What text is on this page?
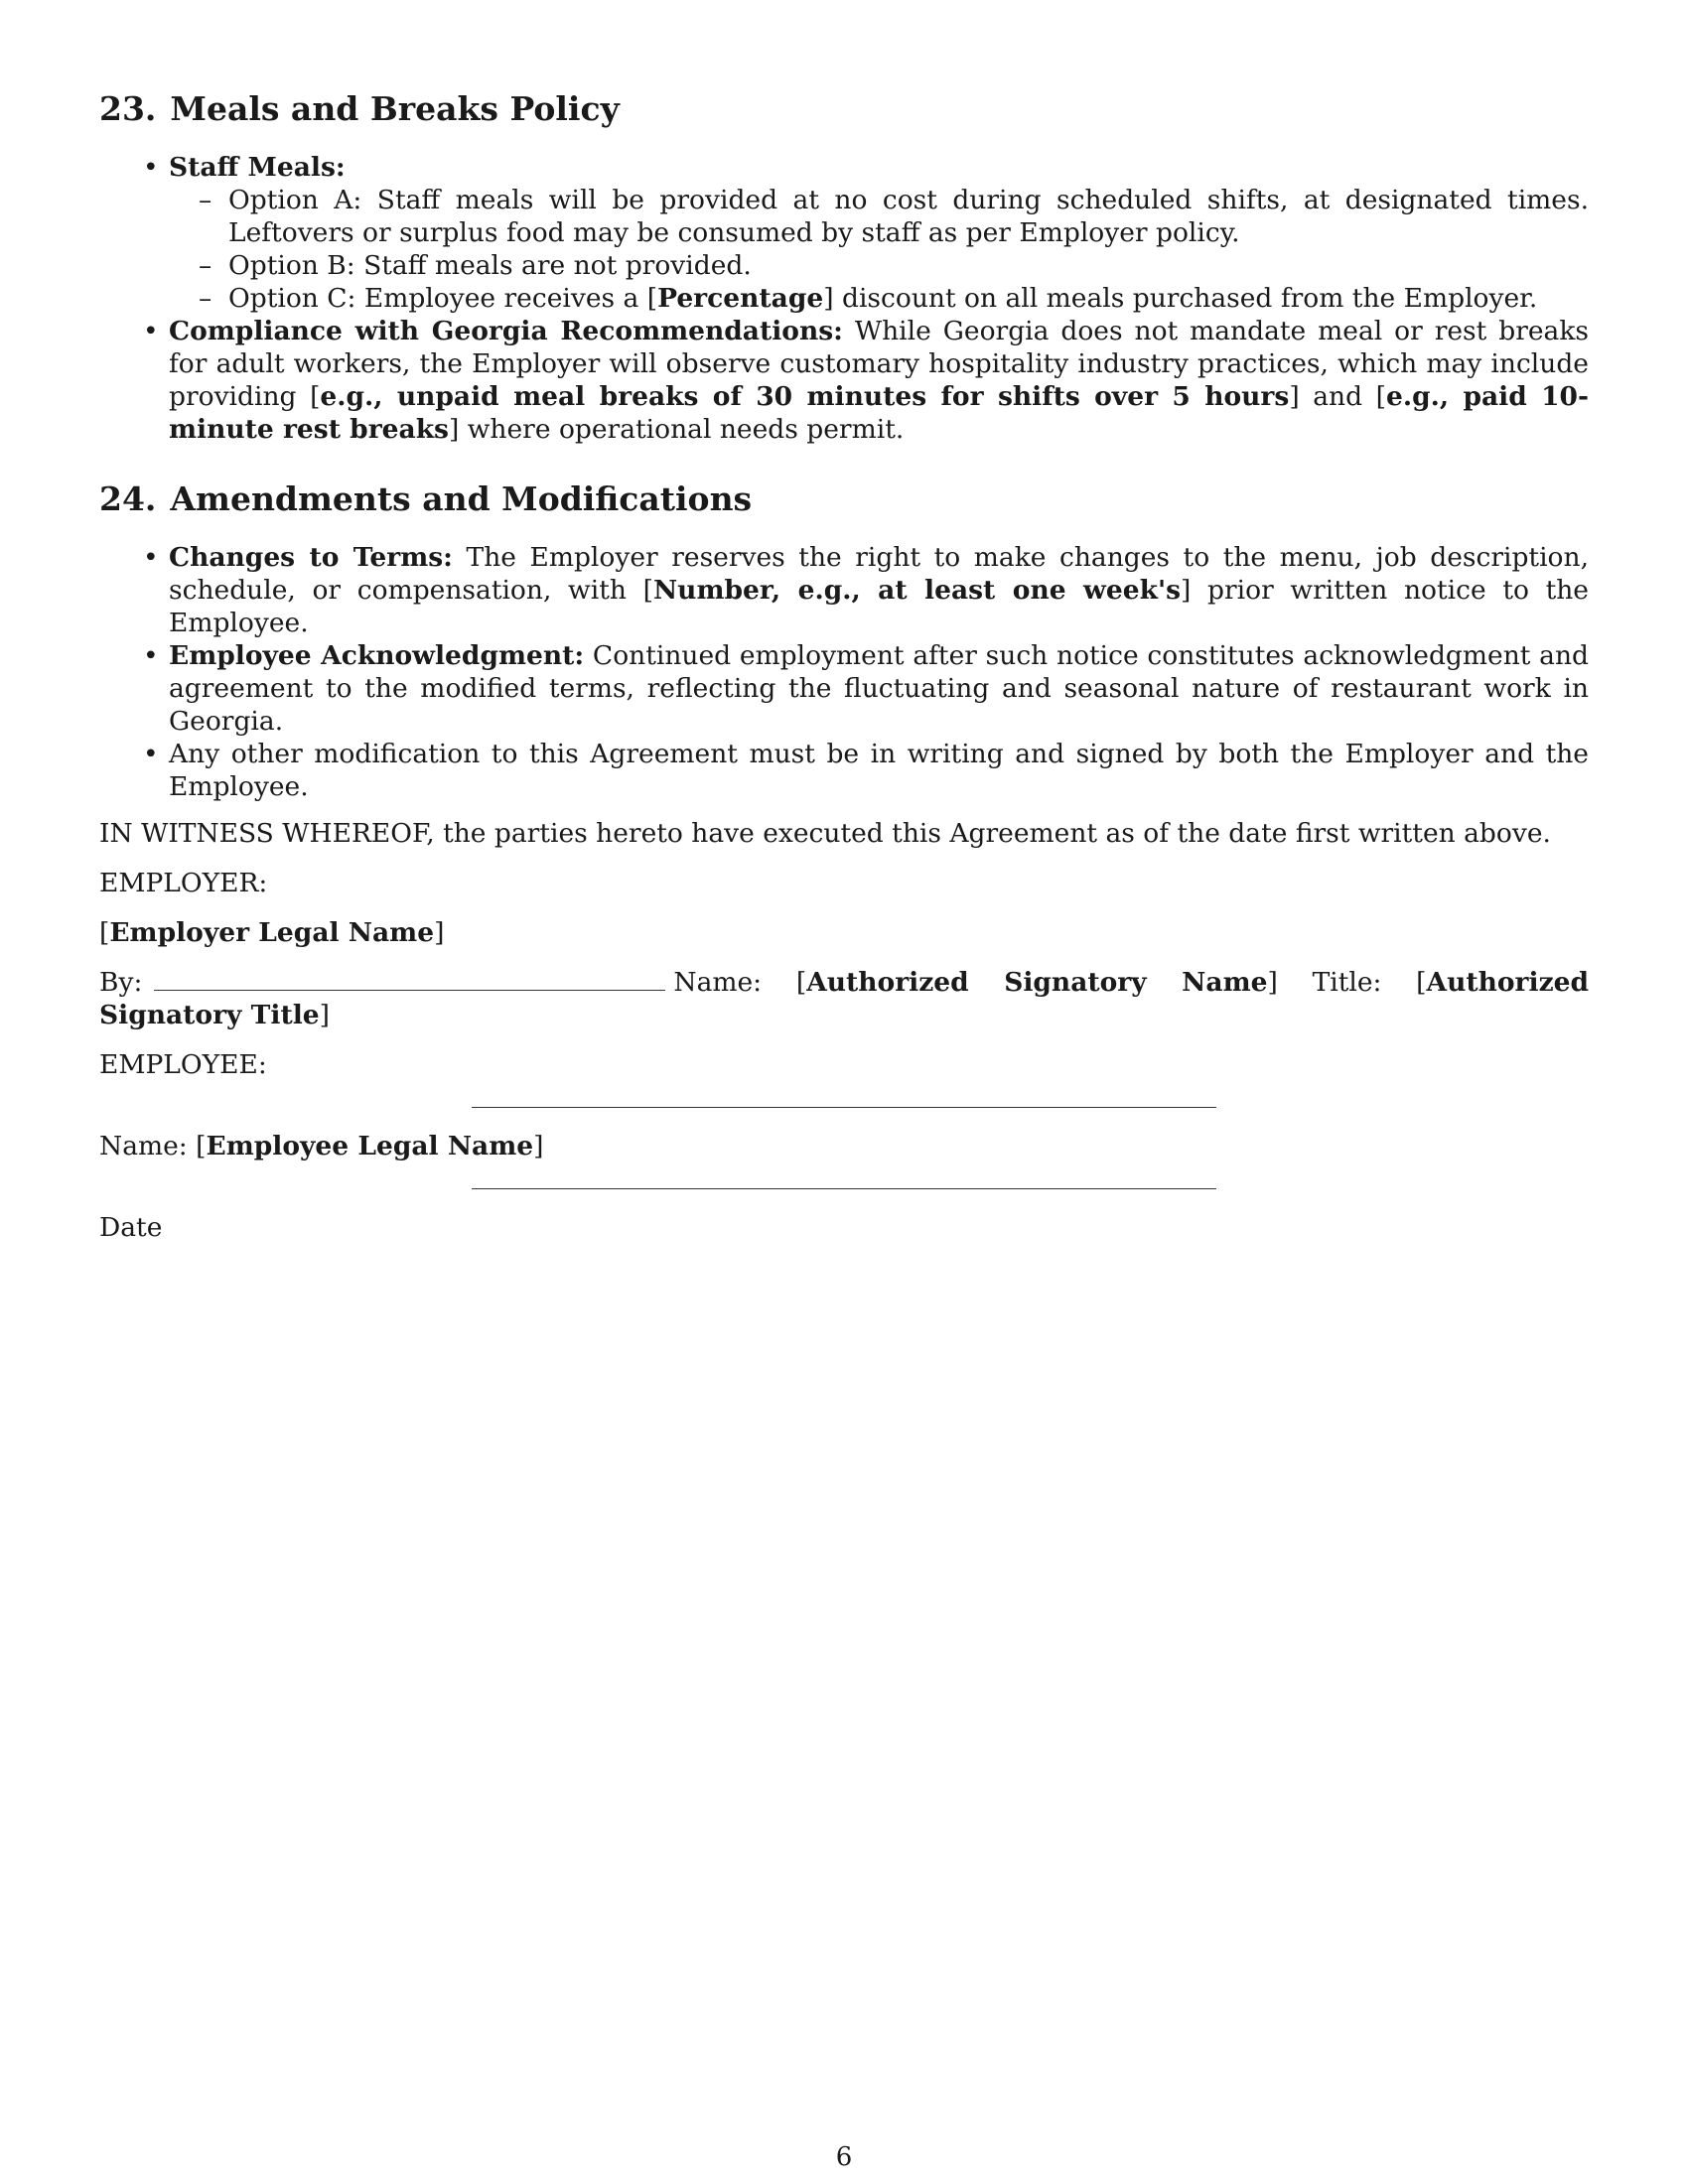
23. Meals and Breaks Policy
• Staff Meals:
– Option A: Staff meals will be provided at no cost during scheduled shifts, at designated times. Leftovers or surplus food may be consumed by staff as per Employer policy.
– Option B: Staff meals are not provided.
– Option C: Employee receives a [Percentage] discount on all meals purchased from the Employer.
• Compliance with Georgia Recommendations: While Georgia does not mandate meal or rest breaks for adult workers, the Employer will observe customary hospitality industry practices, which may include providing [e.g., unpaid meal breaks of 30 minutes for shifts over 5 hours] and [e.g., paid 10-minute rest breaks] where operational needs permit.
24. Amendments and Modifications
• Changes to Terms: The Employer reserves the right to make changes to the menu, job description, schedule, or compensation, with [Number, e.g., at least one week's] prior written notice to the Employee.
• Employee Acknowledgment: Continued employment after such notice constitutes acknowledgment and agreement to the modified terms, reflecting the fluctuating and seasonal nature of restaurant work in Georgia.
• Any other modification to this Agreement must be in writing and signed by both the Employer and the Employee.

IN WITNESS WHEREOF, the parties hereto have executed this Agreement as of the date first written above.

EMPLOYER:

[Employer Legal Name]

By:	Name: [Authorized Signatory Name] Title: [Authorized Signatory Title]

EMPLOYEE:

Name: [Employee Legal Name]

Date

6
